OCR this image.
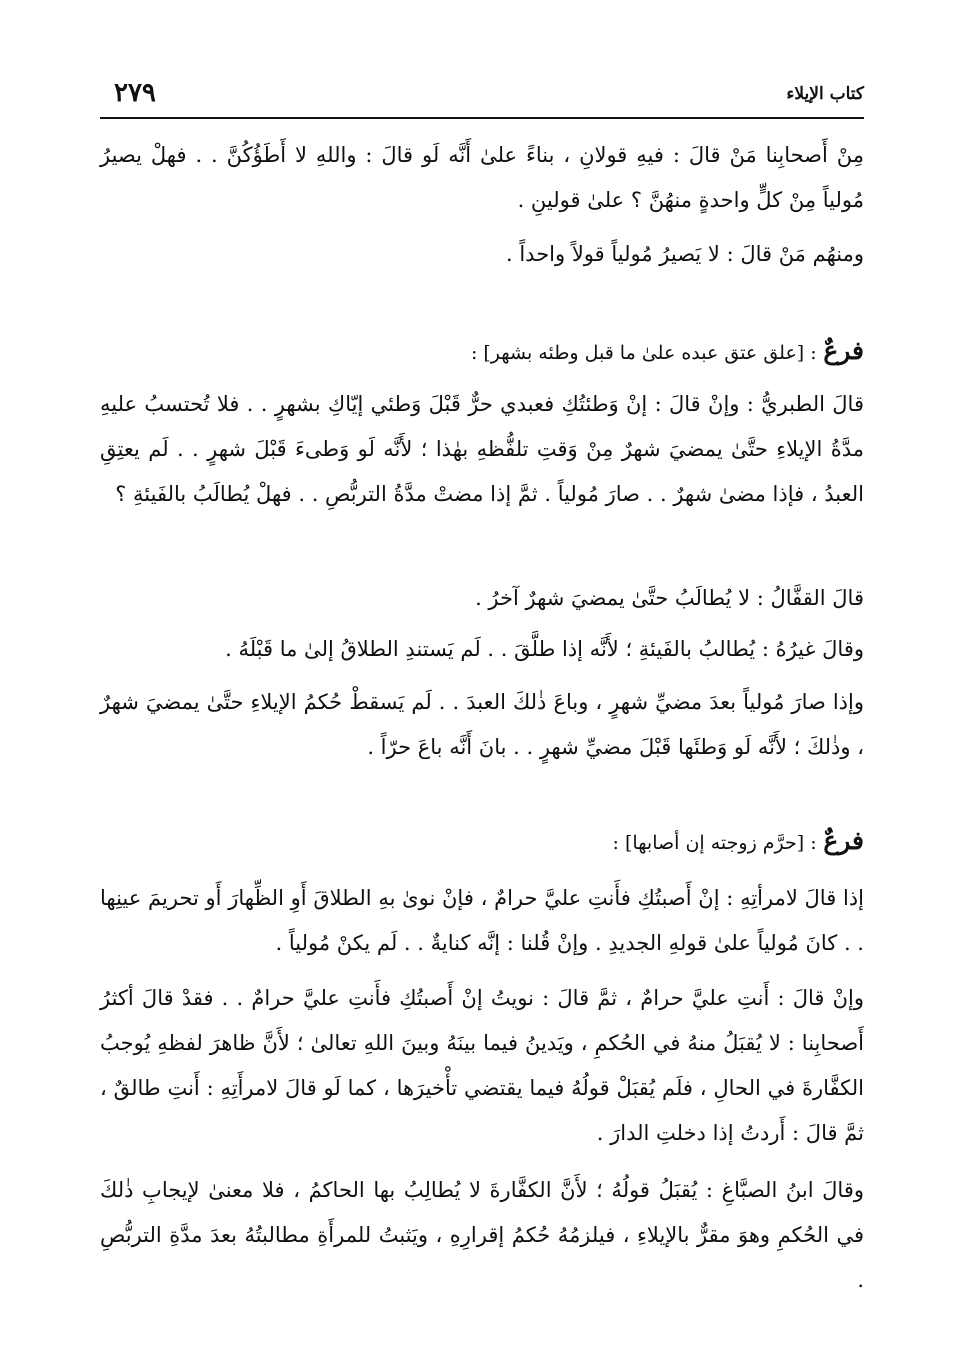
كتاب الإيلاء
٢٧٩

مِنْ أَصحابِنا مَنْ قالَ : فيهِ قولانِ ، بناءً علىٰ أَنَّه لَو قالَ : واللهِ لا أَطَؤُكُنَّ . . فهلْ يصيرُ مُولياً مِنْ كلٍّ واحدةٍ منهُنَّ ؟ علىٰ قولينِ .

ومنهُم مَنْ قالَ : لا يَصيرُ مُولياً قولاً واحداً .

فرعٌ : [علق عتق عبده علىٰ ما قبل وطئه بشهر] :

قالَ الطبريُّ : وإنْ قالَ : إنْ وَطئتُكِ فعبدي حرٌّ قَبْلَ وَطئي إيّاكِ بشهرٍ . . فلا تُحتسبُ عليهِ مدَّةُ الإيلاءِ حتَّىٰ يمضيَ شهرٌ مِنْ وَقتِ تلفُّظهِ بهٰذا ؛ لأَنَّه لَو وَطىءَ قَبْلَ شهرٍ . . لَم يعتِقِ العبدُ ، فإذا مضىٰ شهرٌ . . صارَ مُولياً . ثمَّ إذا مضتْ مدَّةُ التربُّصِ . . فهلْ يُطالَبُ بالفَيئةِ ؟

قالَ القفَّالُ : لا يُطالَبُ حتَّىٰ يمضيَ شهرٌ آخرُ .

وقالَ غيرُهُ : يُطالبُ بالفَيئةِ ؛ لأَنَّه إذا طلَّقَ . . لَم يَستندِ الطلاقُ إلىٰ ما قَبْلَهُ .

وإذا صارَ مُولياً بعدَ مضيِّ شهرٍ ، وباعَ ذٰلكَ العبدَ . . لَم يَسقطْ حُكمُ الإيلاءِ حتَّىٰ يمضيَ شهرٌ ، وذٰلكَ ؛ لأَنَّه لَو وَطئَها قَبْلَ مضيِّ شهرٍ . . بانَ أَنَّه باعَ حرّاً .

فرعٌ : [حرَّم زوجته إن أصابها] :

إذا قالَ لامرأتِهِ : إنْ أَصبتُكِ فأَنتِ عليَّ حرامٌ ، فإنْ نوىٰ بهِ الطلاقَ أَوِ الظِّهارَ أَو تحريمَ عينِها . . كانَ مُولياً علىٰ قولهِ الجديدِ . وإنْ قُلنا : إنَّه كنايةٌ . . لَم يكنْ مُولياً .

وإنْ قالَ : أَنتِ عليَّ حرامٌ ، ثمَّ قالَ : نويتُ إنْ أَصبتُكِ فأَنتِ عليَّ حرامٌ . . فقدْ قالَ أكثرُ أَصحابِنا : لا يُقبَلُ منهُ في الحُكمِ ، ويَدينُ فيما بينَهُ وبينَ اللهِ تعالىٰ ؛ لأَنَّ ظاهرَ لفظهِ يُوجبُ الكفَّارةَ في الحالِ ، فلَم يُقبَلْ قولُهُ فيما يقتضي تأْخيرَها ، كما لَو قالَ لامرأَتِهِ : أَنتِ طالقٌ ، ثمَّ قالَ : أَردتُ إذا دخلتِ الدارَ .

وقالَ ابنُ الصبَّاغِ : يُقبَلُ قولُهُ ؛ لأَنَّ الكفَّارةَ لا يُطالِبُ بها الحاكمُ ، فلا معنىٰ لإيجابِ ذٰلكَ في الحُكمِ وهوَ مقرٌّ بالإيلاءِ ، فيلزمُهُ حُكمُ إقرارِهِ ، ويَثبتُ للمرأَةِ مطالبتُهُ بعدَ مدَّةِ التربُّصِ .
